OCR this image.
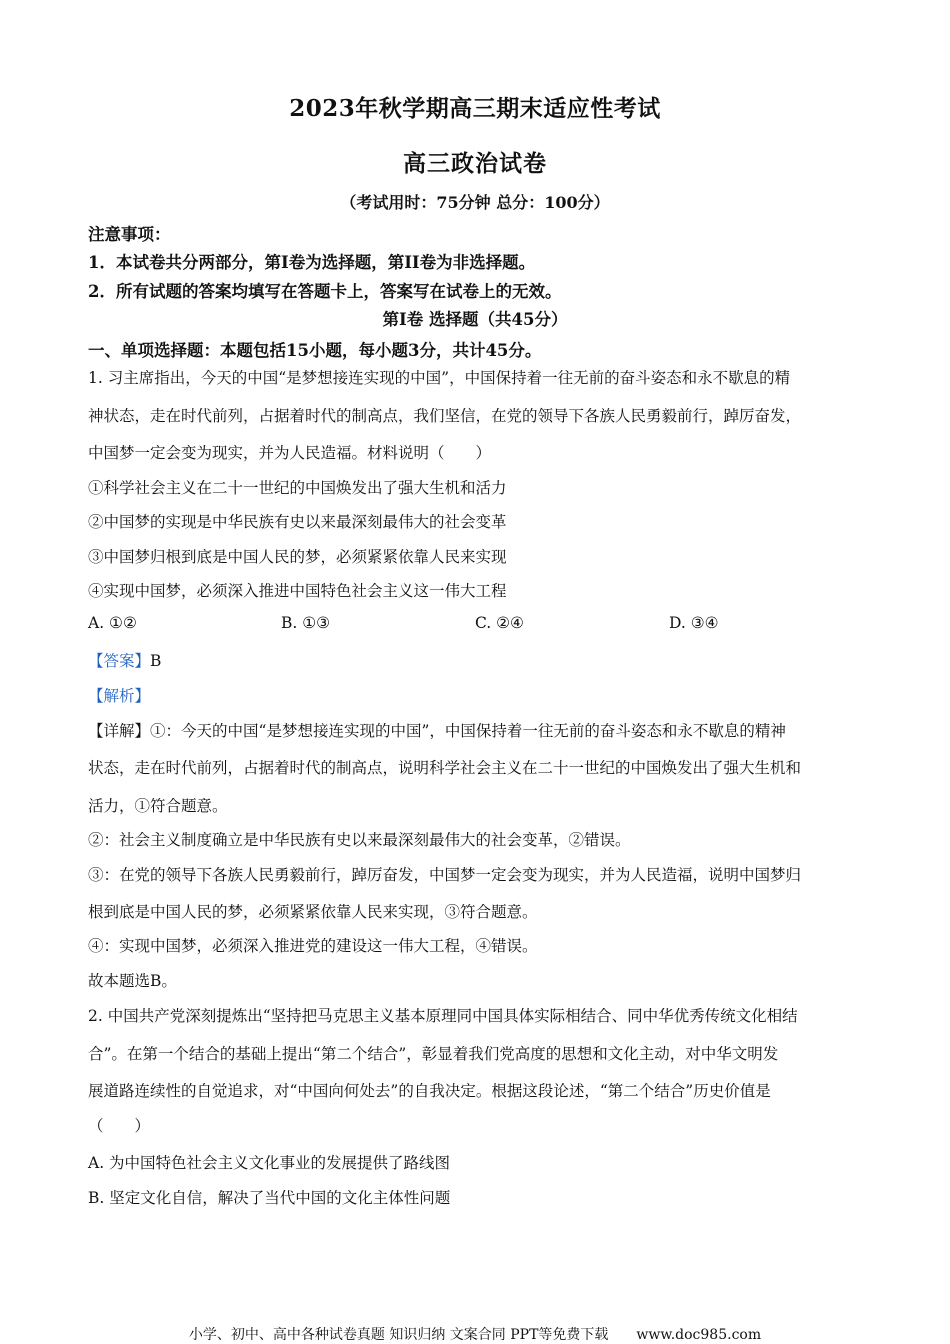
2023年秋学期高三期末适应性考试
高三政治试卷
（考试用时：75分钟 总分：100分）
注意事项：
1．本试卷共分两部分，第I卷为选择题，第II卷为非选择题。
2．所有试题的答案均填写在答题卡上，答案写在试卷上的无效。
第I卷 选择题（共45分）
一、单项选择题：本题包括15小题，每小题3分，共计45分。
1. 习主席指出，今天的中国“是梦想接连实现的中国”，中国保持着一往无前的奋斗姿态和永不歇息的精
神状态，走在时代前列，占据着时代的制高点，我们坚信，在党的领导下各族人民勇毅前行，踔厉奋发，
中国梦一定会变为现实，并为人民造福。材料说明（　　）
①科学社会主义在二十一世纪的中国焕发出了强大生机和活力
②中国梦的实现是中华民族有史以来最深刻最伟大的社会变革
③中国梦归根到底是中国人民的梦，必须紧紧依靠人民来实现
④实现中国梦，必须深入推进中国特色社会主义这一伟大工程
A. ①②	B. ①③	C. ②④	D. ③④
【答案】B
【解析】
【详解】①：今天的中国“是梦想接连实现的中国”，中国保持着一往无前的奋斗姿态和永不歇息的精神
状态，走在时代前列，占据着时代的制高点，说明科学社会主义在二十一世纪的中国焕发出了强大生机和
活力，①符合题意。
②：社会主义制度确立是中华民族有史以来最深刻最伟大的社会变革，②错误。
③：在党的领导下各族人民勇毅前行，踔厉奋发，中国梦一定会变为现实，并为人民造福，说明中国梦归
根到底是中国人民的梦，必须紧紧依靠人民来实现，③符合题意。
④：实现中国梦，必须深入推进党的建设这一伟大工程，④错误。
故本题选B。
2. 中国共产党深刻提炼出“坚持把马克思主义基本原理同中国具体实际相结合、同中华优秀传统文化相结
合”。在第一个结合的基础上提出“第二个结合”，彰显着我们党高度的思想和文化主动，对中华文明发
展道路连续性的自觉追求，对“中国向何处去”的自我决定。根据这段论述，“第二个结合”历史价值是
（　　）
A. 为中国特色社会主义文化事业的发展提供了路线图
B. 坚定文化自信，解决了当代中国的文化主体性问题
小学、初中、高中各种试卷真题 知识归纳 文案合同 PPT等免费下载 www.doc985.com
